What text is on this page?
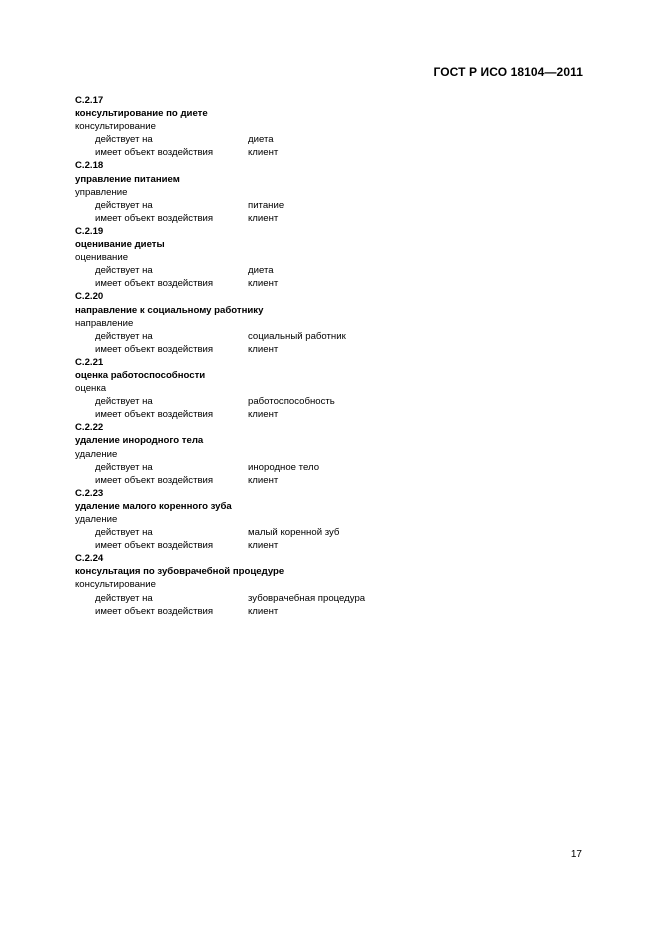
ГОСТ Р ИСО 18104—2011
C.2.17
консультирование по диете
консультирование
действует на	диета
имеет объект воздействия	клиент
C.2.18
управление питанием
управление
действует на	питание
имеет объект воздействия	клиент
C.2.19
оценивание диеты
оценивание
действует на	диета
имеет объект воздействия	клиент
C.2.20
направление к социальному работнику
направление
действует на	социальный работник
имеет объект воздействия	клиент
C.2.21
оценка работоспособности
оценка
действует на	работоспособность
имеет объект воздействия	клиент
C.2.22
удаление инородного тела
удаление
действует на	инородное тело
имеет объект воздействия	клиент
C.2.23
удаление малого коренного зуба
удаление
действует на	малый коренной зуб
имеет объект воздействия	клиент
C.2.24
консультация по зубоврачебной процедуре
консультирование
действует на	зубоврачебная процедура
имеет объект воздействия	клиент
17
